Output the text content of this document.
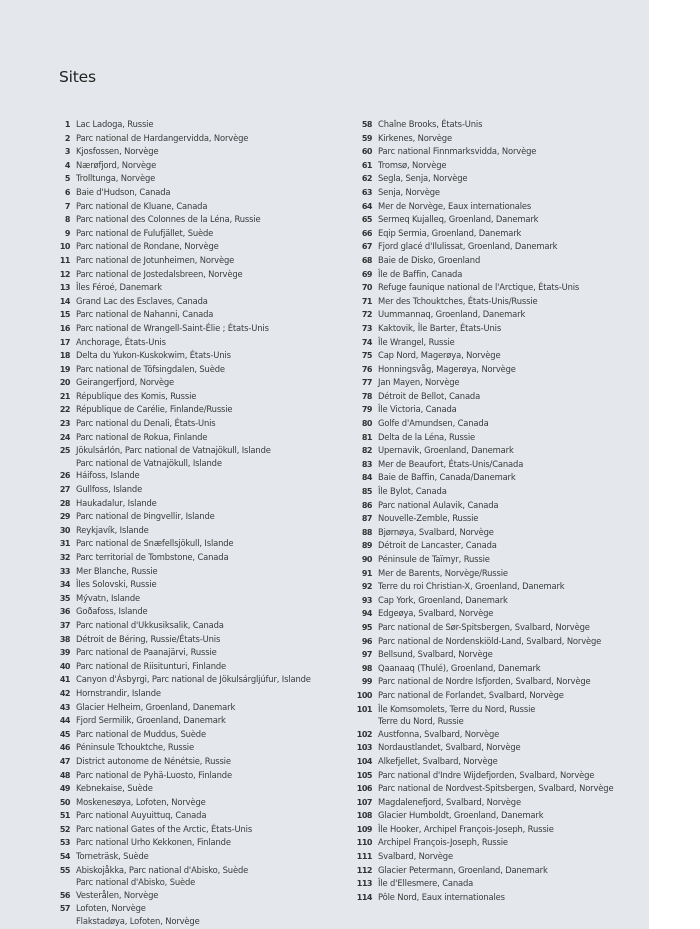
Sites
1 Lac Ladoga, Russie
2 Parc national de Hardangervidda, Norvège
3 Kjosfossen, Norvège
4 Nærøfjord, Norvège
5 Trolltunga, Norvège
6 Baie d'Hudson, Canada
7 Parc national de Kluane, Canada
8 Parc national des Colonnes de la Léna, Russie
9 Parc national de Fulufjället, Suède
10 Parc national de Rondane, Norvège
11 Parc national de Jotunheimen, Norvège
12 Parc national de Jostedalsbreen, Norvège
13 Îles Féroé, Danemark
14 Grand Lac des Esclaves, Canada
15 Parc national de Nahanni, Canada
16 Parc national de Wrangell-Saint-Élie ; États-Unis
17 Anchorage, États-Unis
18 Delta du Yukon-Kuskokwim, États-Unis
19 Parc national de Töfsingdalen, Suède
20 Geirangerfjord, Norvège
21 République des Komis, Russie
22 République de Carélie, Finlande/Russie
23 Parc national du Denali, États-Unis
24 Parc national de Rokua, Finlande
25 Jökulsárlón, Parc national de Vatnajökull, Islande
Parc national de Vatnajökull, Islande
26 Háifoss, Islande
27 Gullfoss, Islande
28 Haukadalur, Islande
29 Parc national de Þingvellir, Islande
30 Reykjavík, Islande
31 Parc national de Snæfellsjökull, Islande
32 Parc territorial de Tombstone, Canada
33 Mer Blanche, Russie
34 Îles Solovski, Russie
35 Mývatn, Islande
36 Goðafoss, Islande
37 Parc national d'Ukkusiksalik, Canada
38 Détroit de Béring, Russie/États-Unis
39 Parc national de Paanajärvi, Russie
40 Parc national de Riisitunturi, Finlande
41 Canyon d'Ásbyrgi, Parc national de Jökulsárgljúfur, Islande
42 Hornstrandir, Islande
43 Glacier Helheim, Groenland, Danemark
44 Fjord Sermilik, Groenland, Danemark
45 Parc national de Muddus, Suède
46 Péninsule Tchouktche, Russie
47 District autonome de Nénétsie, Russie
48 Parc national de Pyhä-Luosto, Finlande
49 Kebnekaise, Suède
50 Moskenesøya, Lofoten, Norvège
51 Parc national Auyuittuq, Canada
52 Parc national Gates of the Arctic, États-Unis
53 Parc national Urho Kekkonen, Finlande
54 Torneträsk, Suède
55 Abiskojåkka, Parc national d'Abisko, Suède
Parc national d'Abisko, Suède
56 Vesterålen, Norvège
57 Lofoten, Norvège
Flakstadøya, Lofoten, Norvège
58 Chaîne Brooks, États-Unis
59 Kirkenes, Norvège
60 Parc national Finnmarksvidda, Norvège
61 Tromsø, Norvège
62 Segla, Senja, Norvège
63 Senja, Norvège
64 Mer de Norvège, Eaux internationales
65 Sermeq Kujalleq, Groenland, Danemark
66 Eqip Sermia, Groenland, Danemark
67 Fjord glacé d'Ilulissat, Groenland, Danemark
68 Baie de Disko, Groenland
69 Île de Baffin, Canada
70 Refuge faunique national de l'Arctique, États-Unis
71 Mer des Tchouktches, États-Unis/Russie
72 Uummannaq, Groenland, Danemark
73 Kaktovik, Île Barter, États-Unis
74 Île Wrangel, Russie
75 Cap Nord, Magerøya, Norvège
76 Honningsvåg, Magerøya, Norvège
77 Jan Mayen, Norvège
78 Détroit de Bellot, Canada
79 Île Victoria, Canada
80 Golfe d'Amundsen, Canada
81 Delta de la Léna, Russie
82 Upernavik, Groenland, Danemark
83 Mer de Beaufort, États-Unis/Canada
84 Baie de Baffin, Canada/Danemark
85 Île Bylot, Canada
86 Parc national Aulavik, Canada
87 Nouvelle-Zemble, Russie
88 Bjørnøya, Svalbard, Norvège
89 Détroit de Lancaster, Canada
90 Péninsule de Taïmyr, Russie
91 Mer de Barents, Norvège/Russie
92 Terre du roi Christian-X, Groenland, Danemark
93 Cap York, Groenland, Danemark
94 Edgeøya, Svalbard, Norvège
95 Parc national de Sør-Spitsbergen, Svalbard, Norvège
96 Parc national de Nordenskiöld-Land, Svalbard, Norvège
97 Bellsund, Svalbard, Norvège
98 Qaanaaq (Thulé), Groenland, Danemark
99 Parc national de Nordre Isfjorden, Svalbard, Norvège
100 Parc national de Forlandet, Svalbard, Norvège
101 Île Komsomolets, Terre du Nord, Russie
Terre du Nord, Russie
102 Austfonna, Svalbard, Norvège
103 Nordaustlandet, Svalbard, Norvège
104 Alkefjellet, Svalbard, Norvège
105 Parc national d'Indre Wijdefjorden, Svalbard, Norvège
106 Parc national de Nordvest-Spitsbergen, Svalbard, Norvège
107 Magdalenefjord, Svalbard, Norvège
108 Glacier Humboldt, Groenland, Danemark
109 Île Hooker, Archipel François-Joseph, Russie
110 Archipel François-Joseph, Russie
111 Svalbard, Norvège
112 Glacier Petermann, Groenland, Danemark
113 Île d'Ellesmere, Canada
114 Pôle Nord, Eaux internationales
